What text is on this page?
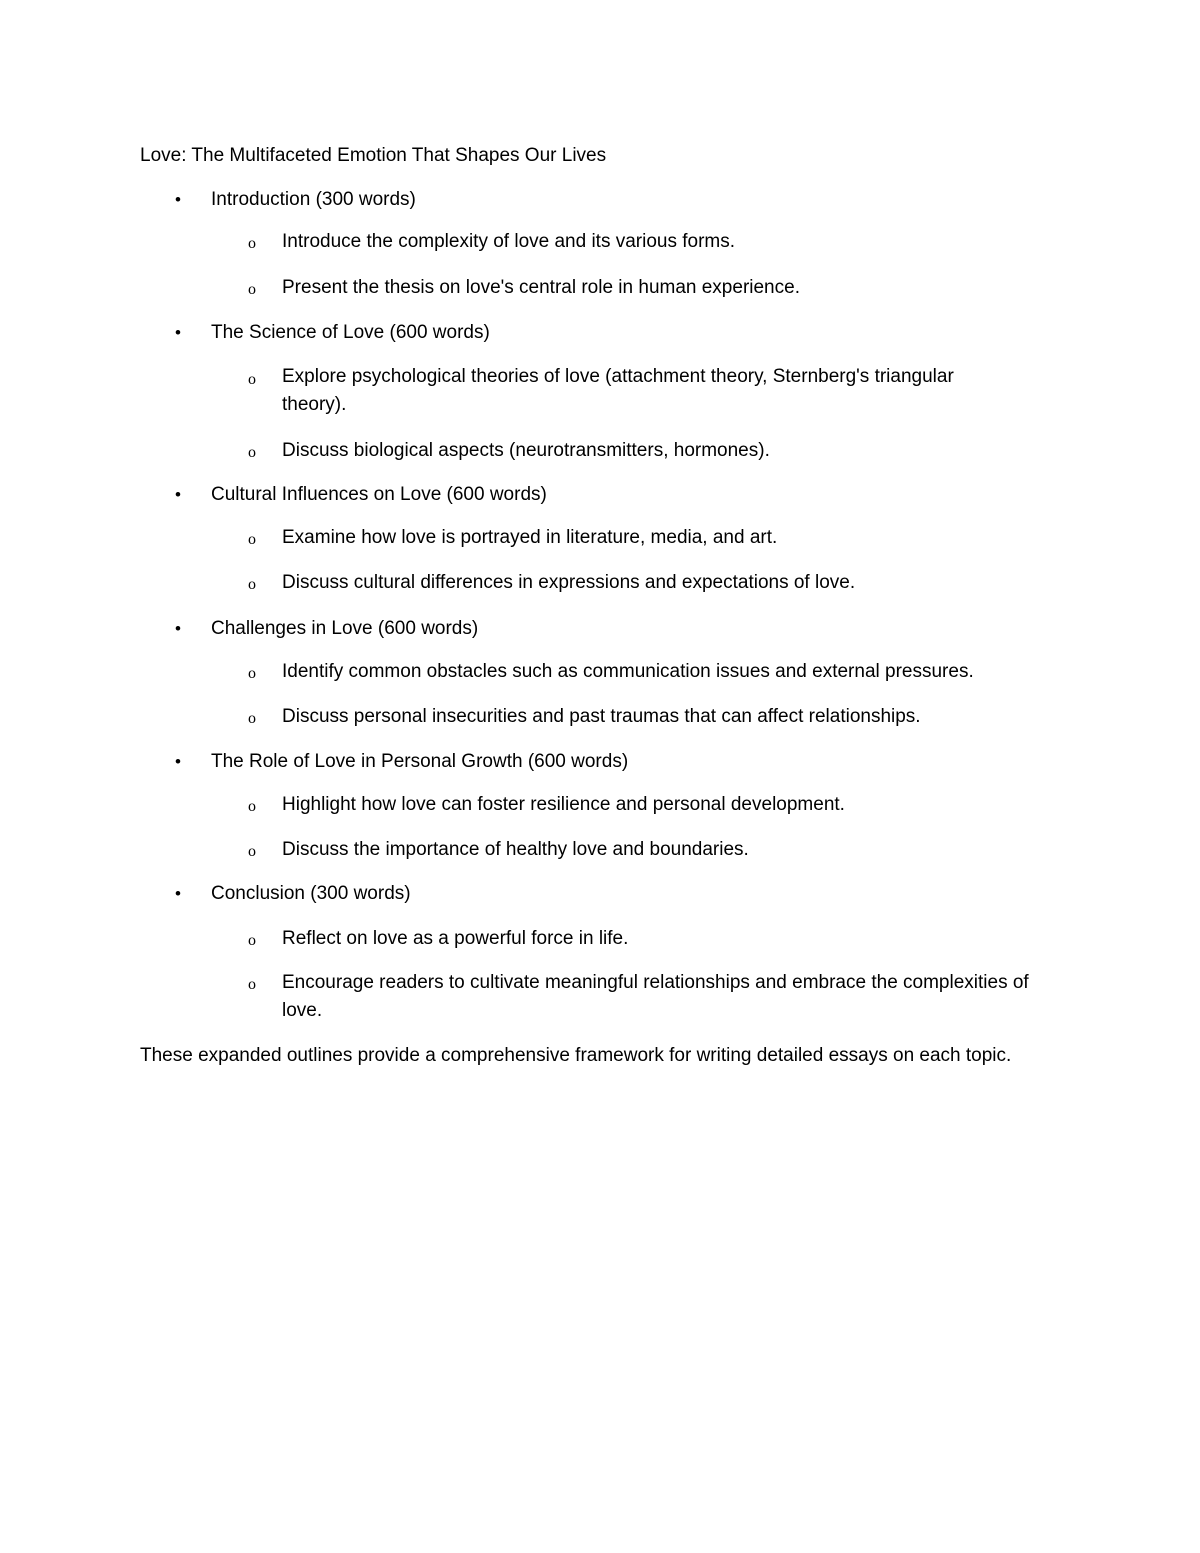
Love: The Multifaceted Emotion That Shapes Our Lives
• Introduction (300 words)
o Introduce the complexity of love and its various forms.
o Present the thesis on love's central role in human experience.
• The Science of Love (600 words)
o Explore psychological theories of love (attachment theory, Sternberg's triangular theory).
o Discuss biological aspects (neurotransmitters, hormones).
• Cultural Influences on Love (600 words)
o Examine how love is portrayed in literature, media, and art.
o Discuss cultural differences in expressions and expectations of love.
• Challenges in Love (600 words)
o Identify common obstacles such as communication issues and external pressures.
o Discuss personal insecurities and past traumas that can affect relationships.
• The Role of Love in Personal Growth (600 words)
o Highlight how love can foster resilience and personal development.
o Discuss the importance of healthy love and boundaries.
• Conclusion (300 words)
o Reflect on love as a powerful force in life.
o Encourage readers to cultivate meaningful relationships and embrace the complexities of love.
These expanded outlines provide a comprehensive framework for writing detailed essays on each topic.
